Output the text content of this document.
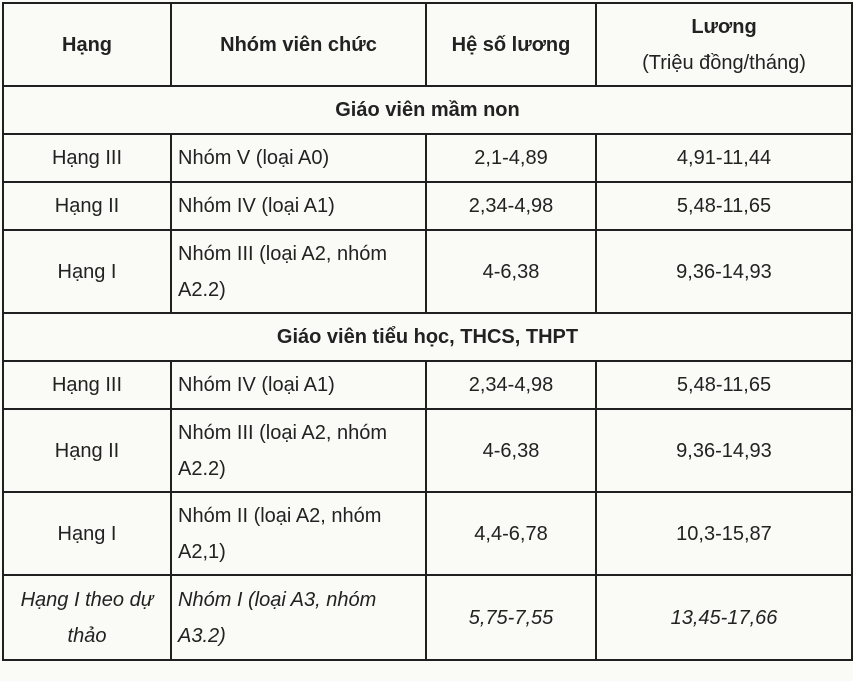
Hạng	Nhóm viên chức	Hệ số lương	Lương
(Triệu đồng/tháng)

Giáo viên mầm non			
Hạng III	Nhóm V (loại A0)	2,1-4,89	4,91-11,44
Hạng II	Nhóm IV (loại A1)	2,34-4,98	5,48-11,65
Hạng I	Nhóm III (loại A2, nhóm A2.2)	4-6,38	9,36-14,93
Giáo viên tiểu học, THCS, THPT			
Hạng III	Nhóm IV (loại A1)	2,34-4,98	5,48-11,65
Hạng II	Nhóm III (loại A2, nhóm A2.2)	4-6,38	9,36-14,93
Hạng I	Nhóm II (loại A2, nhóm A2,1)	4,4-6,78	10,3-15,87
Hạng I theo dự thảo	Nhóm I (loại A3, nhóm A3.2)	5,75-7,55	13,45-17,66
